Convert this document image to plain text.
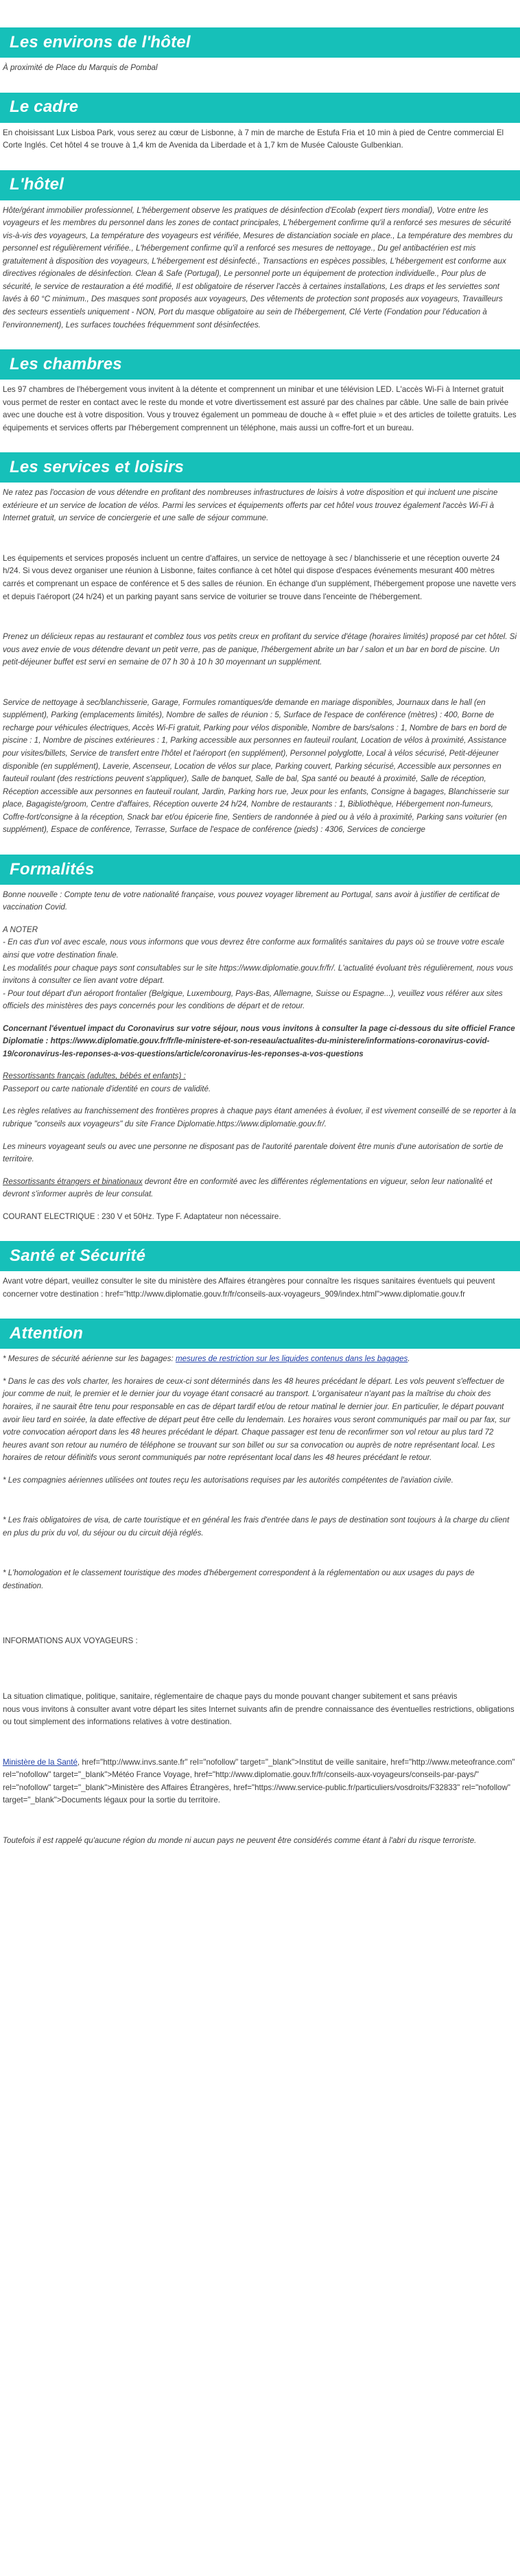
Les environs de l'hôtel

À proximité de Place du Marquis de Pombal

Le cadre

En choisissant Lux Lisboa Park, vous serez au cœur de Lisbonne, à 7 min de marche de Estufa Fria et 10 min à pied de Centre commercial El Corte Inglés. Cet hôtel 4 se trouve à 1,4 km de Avenida da Liberdade et à 1,7 km de Musée Calouste Gulbenkian.

L'hôtel

Hôte/gérant immobilier professionnel, L'hébergement observe les pratiques de désinfection d'Ecolab (expert tiers mondial), Votre entre les voyageurs et les membres du personnel dans les zones de contact principales, L'hébergement confirme qu'il a renforcé ses mesures de sécurité vis-à-vis des voyageurs, La température des voyageurs est vérifiée, Mesures de distanciation sociale en place., La température des membres du personnel est régulièrement vérifiée., L'hébergement confirme qu'il a renforcé ses mesures de nettoyage., Du gel antibactérien est mis gratuitement à disposition des voyageurs, L'hébergement est désinfecté., Transactions en espèces possibles, L'hébergement est conforme aux directives régionales de désinfection. Clean & Safe (Portugal), Le personnel porte un équipement de protection individuelle., Pour plus de sécurité, le service de restauration a été modifié, Il est obligatoire de réserver l'accès à certaines installations, Les draps et les serviettes sont lavés à 60 °C minimum., Des masques sont proposés aux voyageurs, Des vêtements de protection sont proposés aux voyageurs, Travailleurs des secteurs essentiels uniquement - NON, Port du masque obligatoire au sein de l'hébergement, Clé Verte (Fondation pour l'éducation à l'environnement), Les surfaces touchées fréquemment sont désinfectées.

Les chambres

Les 97 chambres de l'hébergement vous invitent à la détente et comprennent un minibar et une télévision LED. L'accès Wi-Fi à Internet gratuit vous permet de rester en contact avec le reste du monde et votre divertissement est assuré par des chaînes par câble. Une salle de bain privée avec une douche est à votre disposition. Vous y trouvez également un pommeau de douche à « effet pluie » et des articles de toilette gratuits. Les équipements et services offerts par l'hébergement comprennent un téléphone, mais aussi un coffre-fort et un bureau.

Les services et loisirs

Ne ratez pas l'occasion de vous détendre en profitant des nombreuses infrastructures de loisirs à votre disposition et qui incluent une piscine extérieure et un service de location de vélos. Parmi les services et équipements offerts par cet hôtel vous trouvez également l'accès Wi-Fi à Internet gratuit, un service de conciergerie et une salle de séjour commune.

Les équipements et services proposés incluent un centre d'affaires, un service de nettoyage à sec / blanchisserie et une réception ouverte 24 h/24. Si vous devez organiser une réunion à Lisbonne, faites confiance à cet hôtel qui dispose d'espaces événements mesurant 400 mètres carrés et comprenant un espace de conférence et 5 des salles de réunion. En échange d'un supplément, l'hébergement propose une navette vers et depuis l'aéroport (24 h/24) et un parking payant sans service de voiturier se trouve dans l'enceinte de l'hébergement.

Prenez un délicieux repas au restaurant et comblez tous vos petits creux en profitant du service d'étage (horaires limités) proposé par cet hôtel. Si vous avez envie de vous détendre devant un petit verre, pas de panique, l'hébergement abrite un bar / salon et un bar en bord de piscine. Un petit-déjeuner buffet est servi en semaine de 07 h 30 à 10 h 30 moyennant un supplément.

Service de nettoyage à sec/blanchisserie, Garage, Formules romantiques/de demande en mariage disponibles, Journaux dans le hall (en supplément), Parking (emplacements limités), Nombre de salles de réunion : 5, Surface de l'espace de conférence (mètres) : 400, Borne de recharge pour véhicules électriques, Accès Wi-Fi gratuit, Parking pour vélos disponible, Nombre de bars/salons : 1, Nombre de bars en bord de piscine : 1, Nombre de piscines extérieures : 1, Parking accessible aux personnes en fauteuil roulant, Location de vélos à proximité, Assistance pour visites/billets, Service de transfert entre l'hôtel et l'aéroport (en supplément), Personnel polyglotte, Local à vélos sécurisé, Petit-déjeuner disponible (en supplément), Laverie, Ascenseur, Location de vélos sur place, Parking couvert, Parking sécurisé, Accessible aux personnes en fauteuil roulant (des restrictions peuvent s'appliquer), Salle de banquet, Salle de bal, Spa santé ou beauté à proximité, Salle de réception, Réception accessible aux personnes en fauteuil roulant, Jardin, Parking hors rue, Jeux pour les enfants, Consigne à bagages, Blanchisserie sur place, Bagagiste/groom, Centre d'affaires, Réception ouverte 24 h/24, Nombre de restaurants : 1, Bibliothèque, Hébergement non-fumeurs, Coffre-fort/consigne à la réception, Snack bar et/ou épicerie fine, Sentiers de randonnée à pied ou à vélo à proximité, Parking sans voiturier (en supplément), Espace de conférence, Terrasse, Surface de l'espace de conférence (pieds) : 4306, Services de concierge

Formalités

Bonne nouvelle : Compte tenu de votre nationalité française, vous pouvez voyager librement au Portugal, sans avoir à justifier de certificat de vaccination Covid.

A NOTER
- En cas d'un vol avec escale, nous vous informons que vous devrez être conforme aux formalités sanitaires du pays où se trouve votre escale ainsi que votre destination finale.
Les modalités pour chaque pays sont consultables sur le site https://www.diplomatie.gouv.fr/fr/. L'actualité évoluant très régulièrement, nous vous invitons à consulter ce lien avant votre départ.
- Pour tout départ d'un aéroport frontalier (Belgique, Luxembourg, Pays-Bas, Allemagne, Suisse ou Espagne...), veuillez vous référer aux sites officiels des ministères des pays concernés pour les conditions de départ et de retour.

Concernant l'éventuel impact du Coronavirus sur votre séjour, nous vous invitons à consulter la page ci-dessous du site officiel France Diplomatie : https://www.diplomatie.gouv.fr/fr/le-ministere-et-son-reseau/actualites-du-ministere/informations-coronavirus-covid-19/coronavirus-les-reponses-a-vos-questions/article/coronavirus-les-reponses-a-vos-questions

Ressortissants français (adultes, bébés et enfants) :
Passeport ou carte nationale d'identité en cours de validité.

Les règles relatives au franchissement des frontières propres à chaque pays étant amenées à évoluer, il est vivement conseillé de se reporter à la rubrique "conseils aux voyageurs" du site France Diplomatie.https://www.diplomatie.gouv.fr/.

Les mineurs voyageant seuls ou avec une personne ne disposant pas de l'autorité parentale doivent être munis d'une autorisation de sortie de territoire.

Ressortissants étrangers et binationaux devront être en conformité avec les différentes réglementations en vigueur, selon leur nationalité et devront s'informer auprès de leur consulat.

COURANT ELECTRIQUE : 230 V et 50Hz. Type F. Adaptateur non nécessaire.

Santé et Sécurité

Avant votre départ, veuillez consulter le site du ministère des Affaires étrangères pour connaître les risques sanitaires éventuels qui peuvent concerner votre destination : href="http://www.diplomatie.gouv.fr/fr/conseils-aux-voyageurs_909/index.html">www.diplomatie.gouv.fr

Attention

* Mesures de sécurité aérienne sur les bagages: mesures de restriction sur les liquides contenus dans les bagages.

* Dans le cas des vols charter, les horaires de ceux-ci sont déterminés dans les 48 heures précédant le départ. Les vols peuvent s'effectuer de jour comme de nuit, le premier et le dernier jour du voyage étant consacré au transport. L'organisateur n'ayant pas la maîtrise du choix des horaires, il ne saurait être tenu pour responsable en cas de départ tardif et/ou de retour matinal le dernier jour. En particulier, le départ pouvant avoir lieu tard en soirée, la date effective de départ peut être celle du lendemain. Les horaires vous seront communiqués par mail ou par fax, sur votre convocation aéroport dans les 48 heures précédant le départ. Chaque passager est tenu de reconfirmer son vol retour au plus tard 72 heures avant son retour au numéro de téléphone se trouvant sur son billet ou sur sa convocation ou auprès de notre représentant local. Les horaires de retour définitifs vous seront communiqués par notre représentant local dans les 48 heures précédant le retour.

* Les compagnies aériennes utilisées ont toutes reçu les autorisations requises par les autorités compétentes de l'aviation civile.

* Les frais obligatoires de visa, de carte touristique et en général les frais d'entrée dans le pays de destination sont toujours à la charge du client en plus du prix du vol, du séjour ou du circuit déjà réglés.

* L'homologation et le classement touristique des modes d'hébergement correspondent à la réglementation ou aux usages du pays de destination.

INFORMATIONS AUX VOYAGEURS :

La situation climatique, politique, sanitaire, réglementaire de chaque pays du monde pouvant changer subitement et sans préavis
nous vous invitons à consulter avant votre départ les sites Internet suivants afin de prendre connaissance des éventuelles restrictions, obligations ou tout simplement des informations relatives à votre destination.

Ministère de la Santé, href="http://www.invs.sante.fr" rel="nofollow" target="_blank">Institut de veille sanitaire, href="http://www.meteofrance.com" rel="nofollow" target="_blank">Météo France Voyage, href="http://www.diplomatie.gouv.fr/fr/conseils-aux-voyageurs/conseils-par-pays/" rel="nofollow" target="_blank">Ministère des Affaires Étrangères, href="https://www.service-public.fr/particuliers/vosdroits/F32833" rel="nofollow" target="_blank">Documents légaux pour la sortie du territoire.

Toutefois il est rappelé qu'aucune région du monde ni aucun pays ne peuvent être considérés comme étant à l'abri du risque terroriste.
